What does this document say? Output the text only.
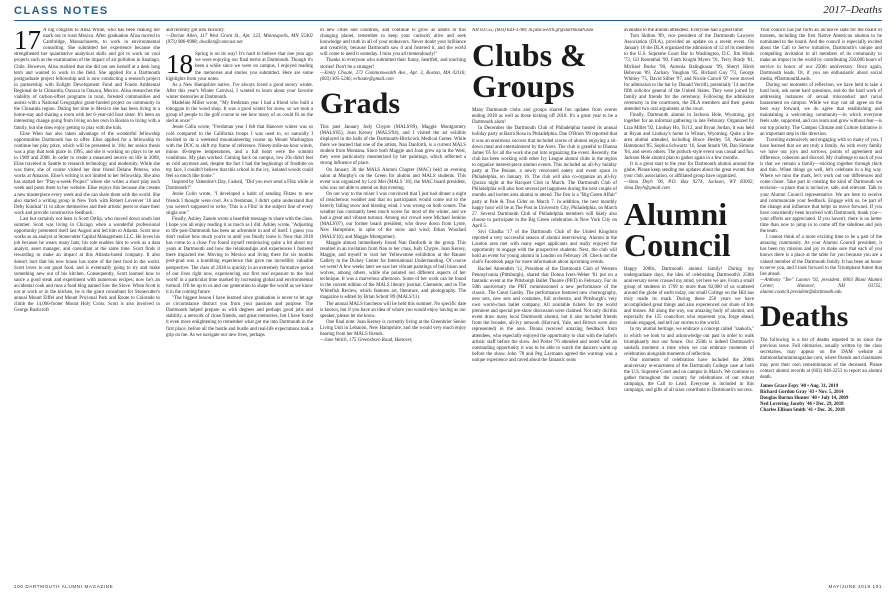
CLASS NOTES	2017–Deaths

17 A big congrats to Alisa White, who has been making her mark out in rural Mexico. After graduation Alisa moved to Cambridge, Massachusetts, to work in environmental consulting. She submitted her experience because she strengthened her quantitative analytical skills and got to work on cool projects such as the examination of the impact of air pollution in Santiago, Chile. However, Alisa realized that she did not see herself at a desk long term and wanted to work in the field. She applied for a Dartmouth postgraduate project fellowship and is now conducting a research project in partnership with Enlight Development Fund and Fondo Ambiental Regional de la Chinantla, Oaxaca in Oaxaca, Mexico. Alisa researches the viability of carbon-offset programs in rural, forested communities and assists with a National Geographic grant-funded project on community in the Chinantla region. During her time in Mexico she has been living in a home-stay and sharing a room with her 6-year-old host sister. It's been an interesting change going from living on her own in Boston to living with a family, but she does enjoy getting to play with the kids.

Elise Wien has also taken advantage of the wonderful fellowship opportunities Dartmouth has to offer. Elise applied for a fellowship to continue her play prize, which will be presented in '18s; her senior thesis was a play that took place in 1995, and she is working on plays to be set in 1989 and 2008. In order to create a measured oeuvre on life in 2008, Elise traveled to Seattle to research technology and modernity. While she was there, she of course visited her dear friend Delano Peterso, who works at Amazon. Elise's writing is not limited to her fellowship. She also has started her "Play-a-week Project" where she writes a short play each week and posts them to her website. Elise enjoys this because she creates a new masterpiece every week and she can share them with the world. She also started a writing group in New York with Robert Lovenver '16 and Deby Kindsal '11 to allow themselves and their artistic peers to share their work and provide constructive feedback.

Last but certainly not least is Scott Ortlip, who moved down south last summer. Scott was living in Chicago when a wonderful professional opportunity presented itself last August and led him to Atlanta. Scott now works as an analyst at Stonecutter Capital Management LLC. He loves his job because he wears many hats; his role enables him to work as a data analyst, asset manager, and consultant at the same time. Scott finds it rewarding to make an impact at this Atlanta-based company. It also doesn't hurt that his new house has some of the best food in the world. Scott loves to eat good food, and is eventually going to try and make something new out of his kitchen. Consequently, Scott learned how to sauce a good steak and experiment with numerous recipes; now he's an accidental cook and runs a food blog named Saw the Stove. When Scott is not at work or in the kitchen, he is the grant consultant for Stonecutter's annual Mount Elffel and Mount Pricional Park and Route to Colorado to climb the 14,000-footer Mount Holy Cross. Scott is also involved in George Bushcroft

and recently got into falconry.

—Dorian Allen, 117 West Grant St., Apt. 123, Minneapolis, MN 55402 (973) 986-0988; dwallen@comcast.net

18 Spring is on its way! It's hard to believe that one year ago we were enjoying our final terms at Dartmouth. Though it's been a while since we were on campus, I enjoyed reading the memories and stories you submitted. Here are some highlights from your notes.

As a New Hampshire native, I've always loved a good snowy winter. After this year's Winter Carnival, I wanted to learn about your favorite winter memories at Dartmouth.

Madeline Miller wrote, "My freshman year I had a friend who built a toboggan in the wood shop. It was a good winter for snow, so we took a group of people to the golf course to see how many of us could fit on the sled at once!"

Jessie Colin wrote, "Freshman year I felt that Hanover winter was so cold compared to the California troops I was used to, so naturally I decided to do a weekend mountaineering course up Mount Washington with the DOC to shift my frame of reference. Ninety-mile-an-hour winds, minus 40-degree temperatures, and a full heart were the summit conditions. My plan worked. Coming back on campus, low 20s didn't feel as cold anymore and, despite the fact I had the beginnings of frostbite on my face, I couldn't believe that this school in the icy, isolated woods could feel so much like home."

Inspired by Valentine's Day, I asked, "Did you ever send a Flitz while at Dartmouth?"

Jessie Colin wrote, "I developed a habit of sending Flitzes to new friends I thought were cool. As a freshman, I didn't quite understand that you weren't supposed to write, 'This is a Flitz' in the subject line of every single one."

Finally, Ashley Zaneie wrote a heartfelt message to share with the class. I hope you all enjoy reading it as much as I did. Ashley wrote, "Adjusting to life post-Dartmouth has been an adventure in and of itself. I guess you don't realize how much you're in until you finally leave it. Now that 2018 has come to a close I've found myself reminiscing quite a bit about my years at Dartmouth and how the relationships and experiences I fostered there impacted me. Moving to Mexico and living there for six months post-grad was a humbling experience that gave me incredibly valuable perspective. The class of 2018 is quickly in an extremely formative period of our lives right now, experiencing our first real exposure to the 'real world' in a particular time marked by increasing global and environmental turmoil. It'll be up to us and our generation to shape the world as we know it in the coming future.

"The biggest lesson I have learned since graduation is never to let age or circumstance distract you from your passions and purpose. The Dartmouth helped prepare us with degrees and perhaps good jobs and stability, a network of close friends, and great memories, but I have found it even more enlightening to remember what got me into Dartmouth in the first place, before all the hustle and bustle and real-life expectations took a grip on me. As we navigate our new lives, perhaps

in new cities and countries, and continue to grow as adults in this changing planet, remember to keep your curiosity alive and seek knowledge and truth in all of your endeavors. Never doubt your brilliance and creativity, because Dartmouth saw it and fostered it, and the world will come to need it someday. I miss you all tremendously!"

Thanks to everyone who submitted their funny, heartfelt, and touching stories! Don't be a stranger!

—Emily Choate, 272 Commonwealth Ave., Apt. 3, Boston, MA 02116; (603) 305-5246; echoate@gmail.com

Grads

This past January Judy Chypre (MALS'89), Maggie Montgomery (MALS'85), Joan Kersey (MALS'94), and I visited the art exhibits displayed in the halls of the Dartmouth-Hitchcock Medical Center. While there we learned that one of the artists, Nan Danforth, is a current MALS student from Montana. Since both Maggie and Joan grew up in the West, they were particularly mesmerized by her paintings, which reflected a strong influence of place.

On January 30 the MALS Alumni Chapter (MAC) held an evening salon at Murphy's on the Green for alumni and MALS students. This event was organized by Lori Mei (MALS '18), the MAC board president, who was not able to attend on that evening.

On our way to the mixer I was convinced that I just had dinner a night of treacherous weather and that no participants would come out to the heavily falling snow and blasting wind. I was wrong on both counts. The weather has constantly been much worse for most of the winter, and we had a great and vibrant turnout. Among our crowd were Michael Jenkins (MALS'07), our former board president, who drove down from Lyme, New Hampshire, in spite of the snow and wind; Ethan Woodard (MALS'16); and Maggie Montgomery.

Maggie almost immediately found Nan Danforth in the group. This resulted in an invitation from Nan to her class, Judy Chypre, Joan Kersey, Maggie, and myself to visit her Yellowstone exhibition at the Rauner Gallery in the Dickey Center for International Understanding. Of course we went! A few weeks later we saw her vibrant paintings of bull bison and wolves, among others, while she pointed out different aspects of her technique. It was a marvelous afternoon. Some of her work can be found in the current edition of the MALS literary journal, Clemente, and in The Whitefish Review, which features art, literature, and photography. The magazine is edited by Brian Schott '89 (MALS'11).

The annual MALS luncheon will be held this summer. No specific date is known, but if you have an idea of whom you would enjoy having as our speaker, please let me know.

One final note: Joan Kersey is currently living at the Greenbrier Senior Living Unit in Lebanon, New Hampshire, and she would very much enjoy hearing from her MALS friends.

—Jane Welch, 175 Greensboro Road, Hanover,

NH 03755; (603) 643-3788; m.jane.welch.gr@dartmouth.edu

Clubs & Groups

Many Dartmouth clubs and groups shared fun updates from events ending 2018 as well as those kicking off 2018. It's a great year to be a Dartmouth alum!

In December the Dartmouth Club of Philadelphia hosted its annual holiday party at Barra Rosa in Philadelphia. Dan O'Brien '09 reported that it was an enormous success that included scores of alumni enjoying a sit-down meal and entertainment by the Aires. The club is grateful to Dianna James '05 for all the work she put into organizing the event. Recently, the club has been working with other Ivy League alumni clubs in the region to organize interest-piece alumni events. This included an all-Ivy holiday party at The Boiane, a newly renovated eatery and event space in Philadelphia, on January 16. The club will also co-organize an all-Ivy Quizzo night at the Racquet Club in March. The Dartmouth Club of Philadelphia will also host several pet happiness during the next couple of months and invites area alumni to attend. The first is a "Big Green Affair" party at Pale & True Cider on March 7. In addition, the next monthly happy hour will be at The Post in University City, Philadelphia, on March 27. Several Dartmouth Club of Philadelphia members will likely also choose to participate in the Big Green celebration in New York City on April 5.

Sivi Chadha '17 of the Dartmouth Club of the United Kingdom reported a very successful season of alumni interviewing. Alumni in the London area met with many eager applicants and really enjoyed the opportunity to engage with the prospective students. Next, the club will hold an event for young alumni in London on February 28. Check out the club's Facebook page for more information about upcoming events.

Rachel Ahrendtsh '12, President of the Dartmouth Club of Western Pennsylvania (Pittsburgh), shared that Donna Ivers-Weber '81 put on a fantastic event at the Pittsburgh Ballet Theatre (PBT) in February. For its 50th anniversary the PBT commissioned a new performance of the classic, The Great Gatsby. The performance featured new choreography, new sets, new sets and costumes, full orchestra, and Pittsburgh's very own world-class ballet company. All available tickets for the world premiere and special pre-show discussion were claimed. Not only did this event draw many local Dartmouth alumni, but it also included friends from the broader, all-Ivy network (Harvard, Yale, and Brown were also represented) in the area. Donna received amazing feedback from attendees, who especially enjoyed the opportunity to chat with the ballet's artistic staff before the show. Jed Porter '76 attended and noted what an outstanding opportunity it was to be able to watch the dancers warm up before the show. John '78 and Peg Laymann agreed the warmup was a unique experience and raved about the fantastic seats

available to the alumni attendees. Everyone had a great time!

Tom Skilton '89, vice president of the Dartmouth Lawyers Association (DLA), provided an update on a recent event. On January 16 the DLA organized the admission of 12 of its members to the U.S. Supreme Court Bar in Washington, D.C. Jim Hinds '73, Gil Rosenthal '90, Faith Knight Myers '91, Terry Brady '81, Michael Burke '90, Antonia Balingkasar '99, Sheryl Hirsh Bebovan '89, Zachary Vaughan '05, Richard Guy '73, George Whitley '75, David Silber '97, and Nicole Carroll '07 were moved for admission to the bar by Donald Verrilli, potentially '14 and the fifth solicitor general of the United States. They were joined by family and friends for the ceremony. Following the admission ceremony in the courtroom, the DLA members and their guests attended two oral arguments at the court.

Finally, Dartmouth alumni in Jackson Hole, Wyoming, got together for an informal gathering in late February. Organized by Liza Millet '92, Lindsay Ho, Tu'12, and Bryan Jordan, it was held at Bryan and Lindsay's home in Wilson, Wyoming. Quite a few area alumni attended, including Bruce Hedley '58, Alexander Hammond '85, Sophia Schwartz '16, Sean Stauth '00, Dan Simone '04, and seven others. The potluck-style event was casual and fun. Jackson Hole alumni plan to gather again in a few months.

It is a great start to the year for Dartmouth alumni around the globe. Please keep sending me updates about the great events that your club, association, or affiliated group have organized.

—Sima Deyh '06, P.O. Box 9274, Jackson, WY 83002; sima.Deyh@gmail.com

Alumni Council

Happy 2000s, Dartmouth alumni family! During my undergraduate days, the idea of celebrating Dartmouth's 250th anniversary never crossed my mind, yet here we are. From a small group of students in 1769 to more than 82,000 of us scattered around the globe of earth today, our small College on the Hill has truly made its mark. During these 250 years we have accomplished great things and also experienced our share of hits and misses. All along the way, our amazing body of alumni, and especially the 125 councilors who represent you, forge ahead, remain engaged, and tell our stories to the world.

In my alumni heritage, we embrace a concept called "sankofa," in which we look to and acknowledge our past in order to walk triumphantly into our future. Our 250th is indeed Dartmouth's sankofa moment: a time when we can embrace moments of celebration alongside moments of reflection.

Our moments of celebration have included the 200th anniversary re-enactment of the Dartmouth College case at both the U.S. Supreme Court and on campus in March. We continue to gather throughout the country for celebrations of our robust campaign, the Call to Lead. Everyone is included in this campaign, and gifts of all sizes contribute to Dartmouth's success.

Your council has put forth an inclusive slate for the board of trustees, including the first Native American alumna to be nominated to the board. And the council is especially excited about the Call to Serve initiative, Dartmouth's unique and compelling invitation to all members of its community to make an impact in the world by contributing 250,000 hours of service in honor of our 250th anniversary. Once again, Dartmouth leads. Or, if you are enthusiastic about social media, #DartmouthLeads.

During our moments of reflection, we have held to take a hard look, ask some hard questions, and do the hard work of addressing instances of sexual misconduct and racial harassment on campus. While we may not all agree on the best way forward, we do agree that establishing and maintaining a welcoming community—in which everyone feels safe, supported, and can learn and grow without fear—is our top priority. The Campus Climate and Culture Initiative is an important step in this direction.

Traveling extensively and engaging with so many of you, I have learned that we are truly a family. As with every family we have our joys and sorrows, points of agreement and difference, cohesion and discord. My challenge to each of you is that we remain a family—sticking together through thick and thin. When things go well, let's celebrate in a big way. Where we miss the mark, let's work out our differences and come closer. Take part in creating the kind of Dartmouth we envision—a place that is inclusive, safe, and relevant. Talk to your Alumni Council representative. We are here to receive and communicate your feedback. Engage with us, be part of the change and influence that helps us move forward. If you have consistently been involved with Dartmouth, thank you—your efforts are appreciated. If you haven't, there is no better time than now to jump in to come off the sidelines and join the team.

I cannot think of a more exciting time to be a part of the amazing community. As your Alumni Council president, it has been my mission and joy to make sure that each of you knows there is a place at the table for you because you are a valued member of the Dartmouth family. It has been an honor to serve you, and I look forward to the Triumphant future that lies ahead.

—Anthony "Tee" Lutonn '92, president, 6003 Blunt Alumni Center, Hanover, NH 03755; alumni.council.president@dartmouth.edu

Deaths

The following is a list of deaths reported to us since the previous issue. Full obituaries, usually written by the class secretaries, may appear on the DAM website at dartmouthalumnimagazine.com, where friends and classmates may post their own remembrances of the deceased. Please contact alumni records at (603) 646-2253 to report an alumni death.

James Grace Espy '40 • Aug. 31, 2019

Richard Gordon Gray '43 • Nov. 5, 2014

Douglas Burton Hunter '40 • July 14, 2009

Ned Lovering Jacoby '46 • Dec. 29, 2018

Charles Ellison Smith '41 • Dec. 26, 2018

100 DARTMOUTH ALUMNI MAGAZINE	MAY/JUNE 2018 101
